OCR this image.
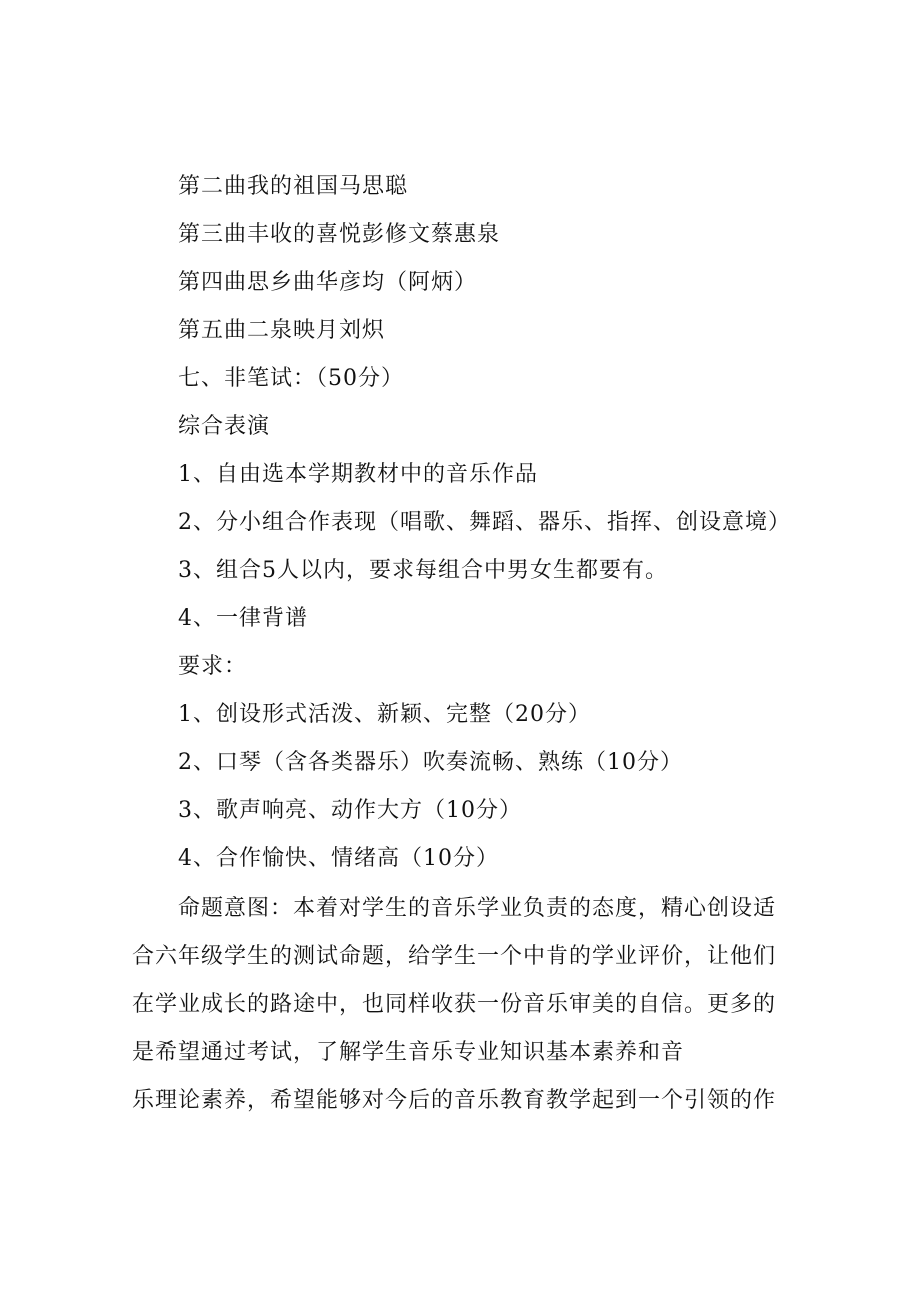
第二曲我的祖国马思聪
第三曲丰收的喜悦彭修文蔡惠泉
第四曲思乡曲华彦均（阿炳）
第五曲二泉映月刘炽
七、非笔试：（50分）
综合表演
1、自由选本学期教材中的音乐作品
2、分小组合作表现（唱歌、舞蹈、器乐、指挥、创设意境）
3、组合5人以内，要求每组合中男女生都要有。
4、一律背谱
要求：
1、创设形式活泼、新颖、完整（20分）
2、口琴（含各类器乐）吹奏流畅、熟练（10分）
3、歌声响亮、动作大方（10分）
4、合作愉快、情绪高（10分）
命题意图：本着对学生的音乐学业负责的态度，精心创设适
合六年级学生的测试命题，给学生一个中肯的学业评价，让他们
在学业成长的路途中，也同样收获一份音乐审美的自信。更多的
是希望通过考试，了解学生音乐专业知识基本素养和音
乐理论素养，希望能够对今后的音乐教育教学起到一个引领的作
